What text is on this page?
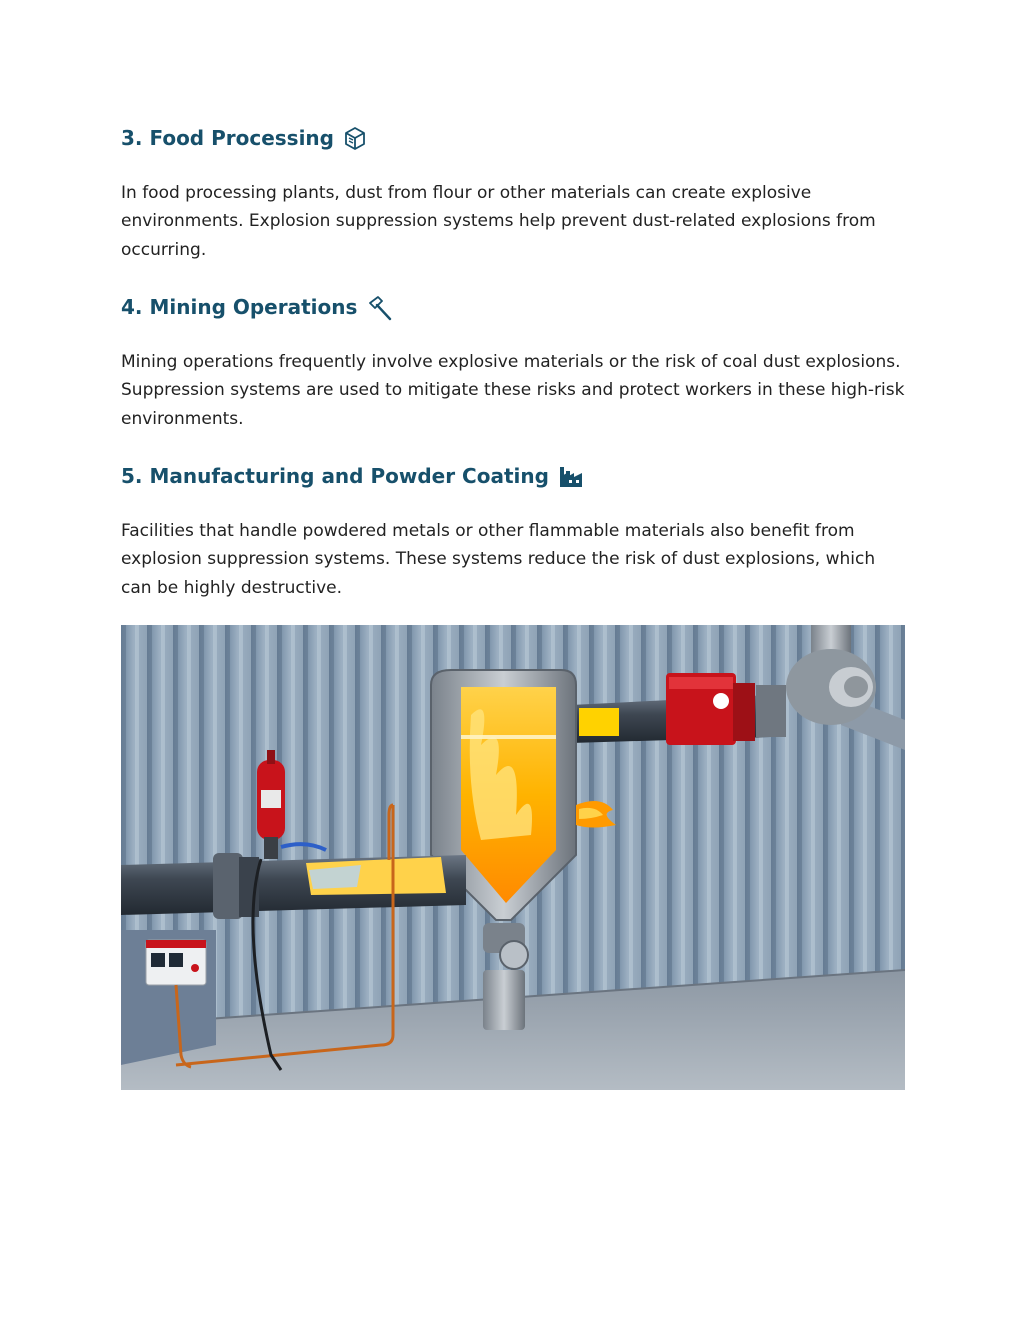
3. Food Processing

In food processing plants, dust from flour or other materials can create explosive environments. Explosion suppression systems help prevent dust-related explosions from occurring.

4. Mining Operations

Mining operations frequently involve explosive materials or the risk of coal dust explosions. Suppression systems are used to mitigate these risks and protect workers in these high-risk environments.

5. Manufacturing and Powder Coating

Facilities that handle powdered metals or other flammable materials also benefit from explosion suppression systems. These systems reduce the risk of dust explosions, which can be highly destructive.
